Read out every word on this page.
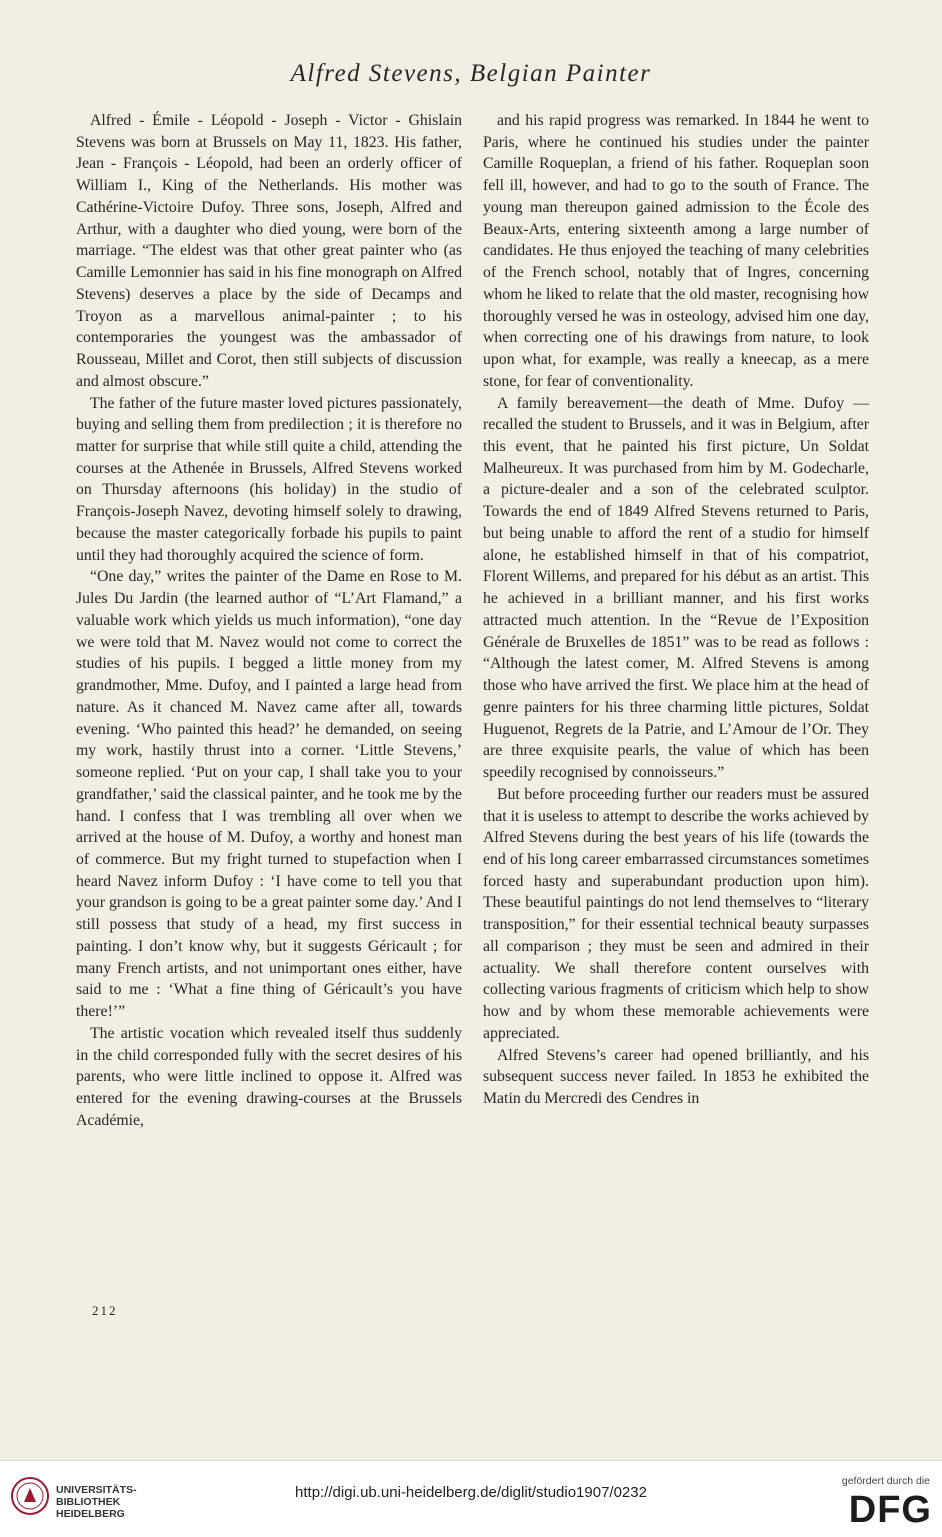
Alfred Stevens, Belgian Painter

Alfred - Émile - Léopold - Joseph - Victor - Ghislain Stevens was born at Brussels on May 11, 1823. His father, Jean - François - Léopold, had been an orderly officer of William I., King of the Netherlands. His mother was Cathérine-Victoire Dufoy. Three sons, Joseph, Alfred and Arthur, with a daughter who died young, were born of the marriage. “The eldest was that other great painter who (as Camille Lemonnier has said in his fine monograph on Alfred Stevens) deserves a place by the side of Decamps and Troyon as a marvellous animal-painter ; to his contemporaries the youngest was the ambassador of Rousseau, Millet and Corot, then still subjects of discussion and almost obscure.”

The father of the future master loved pictures passionately, buying and selling them from predilection ; it is therefore no matter for surprise that while still quite a child, attending the courses at the Athenée in Brussels, Alfred Stevens worked on Thursday afternoons (his holiday) in the studio of François-Joseph Navez, devoting himself solely to drawing, because the master categorically forbade his pupils to paint until they had thoroughly acquired the science of form.

“One day,” writes the painter of the Dame en Rose to M. Jules Du Jardin (the learned author of “L’Art Flamand,” a valuable work which yields us much information), “one day we were told that M. Navez would not come to correct the studies of his pupils. I begged a little money from my grandmother, Mme. Dufoy, and I painted a large head from nature. As it chanced M. Navez came after all, towards evening. ‘Who painted this head?’ he demanded, on seeing my work, hastily thrust into a corner. ‘Little Stevens,’ someone replied. ‘Put on your cap, I shall take you to your grandfather,’ said the classical painter, and he took me by the hand. I confess that I was trembling all over when we arrived at the house of M. Dufoy, a worthy and honest man of commerce. But my fright turned to stupefaction when I heard Navez inform Dufoy : ‘I have come to tell you that your grandson is going to be a great painter some day.’ And I still possess that study of a head, my first success in painting. I don’t know why, but it suggests Géricault ; for many French artists, and not unimportant ones either, have said to me : ‘What a fine thing of Géricault’s you have there!’”

The artistic vocation which revealed itself thus suddenly in the child corresponded fully with the secret desires of his parents, who were little inclined to oppose it. Alfred was entered for the evening drawing-courses at the Brussels Académie,

and his rapid progress was remarked. In 1844 he went to Paris, where he continued his studies under the painter Camille Roqueplan, a friend of his father. Roqueplan soon fell ill, however, and had to go to the south of France. The young man thereupon gained admission to the École des Beaux-Arts, entering sixteenth among a large number of candidates. He thus enjoyed the teaching of many celebrities of the French school, notably that of Ingres, concerning whom he liked to relate that the old master, recognising how thoroughly versed he was in osteology, advised him one day, when correcting one of his drawings from nature, to look upon what, for example, was really a kneecap, as a mere stone, for fear of conventionality.

A family bereavement—the death of Mme. Dufoy —recalled the student to Brussels, and it was in Belgium, after this event, that he painted his first picture, Un Soldat Malheureux. It was purchased from him by M. Godecharle, a picture-dealer and a son of the celebrated sculptor. Towards the end of 1849 Alfred Stevens returned to Paris, but being unable to afford the rent of a studio for himself alone, he established himself in that of his compatriot, Florent Willems, and prepared for his début as an artist. This he achieved in a brilliant manner, and his first works attracted much attention. In the “Revue de l’Exposition Générale de Bruxelles de 1851” was to be read as follows : “Although the latest comer, M. Alfred Stevens is among those who have arrived the first. We place him at the head of genre painters for his three charming little pictures, Soldat Huguenot, Regrets de la Patrie, and L’Amour de l’Or. They are three exquisite pearls, the value of which has been speedily recognised by connoisseurs.”

But before proceeding further our readers must be assured that it is useless to attempt to describe the works achieved by Alfred Stevens during the best years of his life (towards the end of his long career embarrassed circumstances sometimes forced hasty and superabundant production upon him). These beautiful paintings do not lend themselves to “literary transposition,” for their essential technical beauty surpasses all comparison ; they must be seen and admired in their actuality. We shall therefore content ourselves with collecting various fragments of criticism which help to show how and by whom these memorable achievements were appreciated.

Alfred Stevens’s career had opened brilliantly, and his subsequent success never failed. In 1853 he exhibited the Matin du Mercredi des Cendres in

212
UNIVERSITÄTS-
BIBLIOTHEK
HEIDELBERG
http://digi.ub.uni-heidelberg.de/diglit/studio1907/0232
gefördert durch die
DFG
